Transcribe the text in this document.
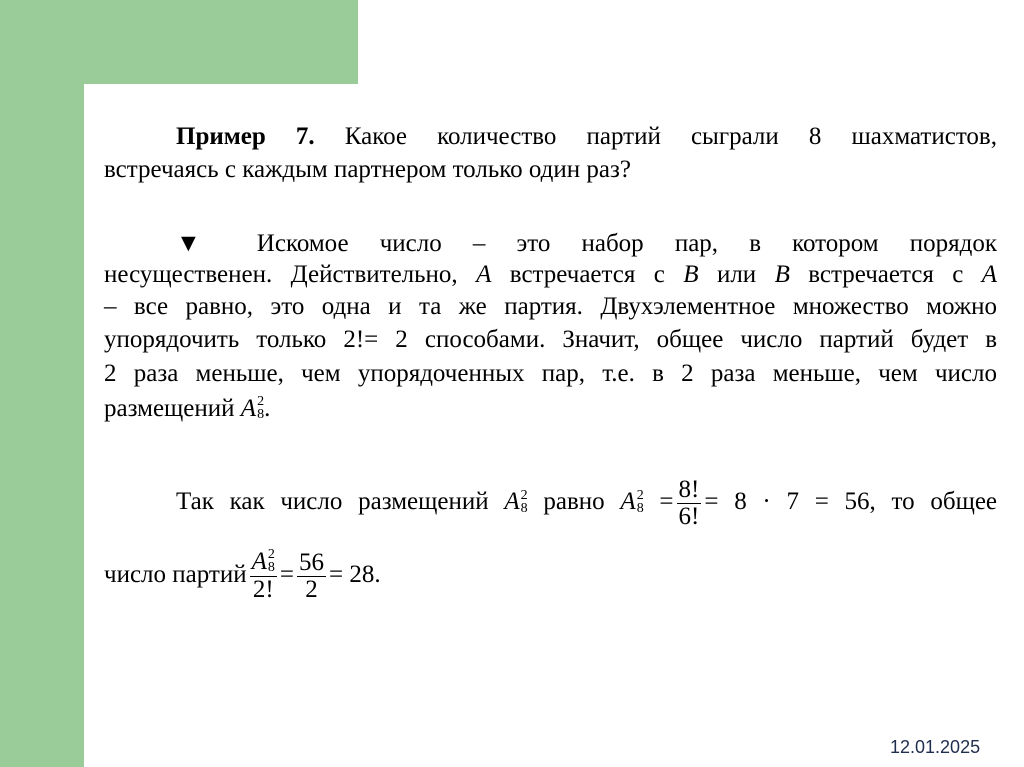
Пример 7. Какое количество партий сыграли 8 шахматистов,
встречаясь с каждым партнером только один раз?
▼ Искомое число – это набор пар, в котором порядок
несущественен. Действительно, A встречается с B или B встречается с A
– все равно, это одна и та же партия. Двухэлементное множество можно
упорядочить только 2!= 2 способами. Значит, общее число партий будет в
2 раза меньше, чем упорядоченных пар, т.е. в 2 раза меньше, чем число
размещений A 2
8 .
Так как число размещений A 2
8 равно A 2
$8 = \frac{8!}{6!} = 8 \cdot 7 = 56$, то общее
число партий A 2
8
2! = $\frac{56}{2} = 28$.
12.01.2025
